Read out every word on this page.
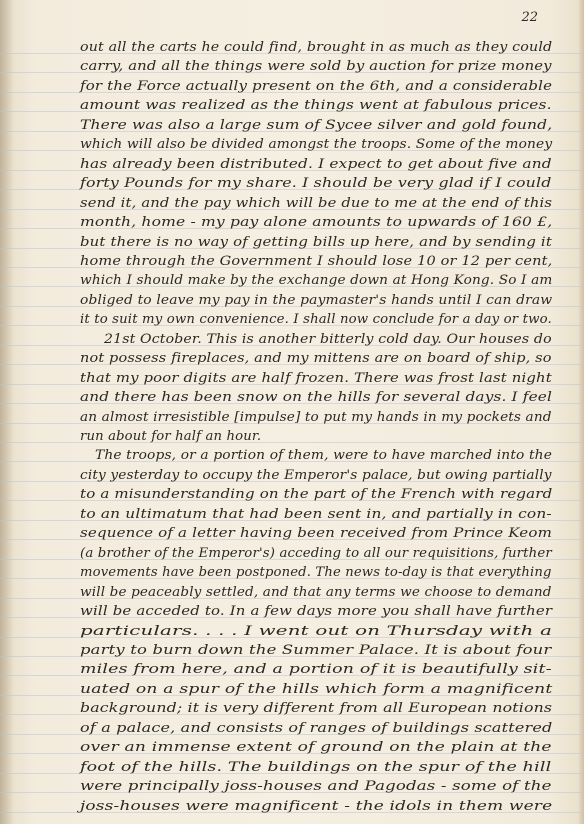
22
out all the carts he could find, brought in as much as they could
carry, and all the things were sold by auction for prize money
for the Force actually present on the 6th, and a considerable
amount was realized as the things went at fabulous prices.
There was also a large sum of Sycee silver and gold found,
which will also be divided amongst the troops. Some of the money
has already been distributed. I expect to get about five and
forty Pounds for my share. I should be very glad if I could
send it, and the pay which will be due to me at the end of this
month, home - my pay alone amounts to upwards of 160 £,
but there is no way of getting bills up here, and by sending it
home through the Government I should lose 10 or 12 per cent,
which I should make by the exchange down at Hong Kong. So I am
obliged to leave my pay in the paymaster's hands until I can draw
it to suit my own convenience. I shall now conclude for a day or two.
21st October. This is another bitterly cold day. Our houses do
not possess fireplaces, and my mittens are on board of ship, so
that my poor digits are half frozen. There was frost last night
and there has been snow on the hills for several days. I feel
an almost irresistible [impulse] to put my hands in my pockets and
run about for half an hour.
The troops, or a portion of them, were to have marched into the
city yesterday to occupy the Emperor's palace, but owing partially
to a misunderstanding on the part of the French with regard
to an ultimatum that had been sent in, and partially in con-
sequence of a letter having been received from Prince Keom
(a brother of the Emperor's) acceding to all our requisitions, further
movements have been postponed. The news to-day is that everything
will be peaceably settled, and that any terms we choose to demand
will be acceded to. In a few days more you shall have further
particulars. . . . I went out on Thursday with a
party to burn down the Summer Palace. It is about four
miles from here, and a portion of it is beautifully sit-
uated on a spur of the hills which form a magnificent
background; it is very different from all European notions
of a palace, and consists of ranges of buildings scattered
over an immense extent of ground on the plain at the
foot of the hills. The buildings on the spur of the hill
were principally joss-houses and Pagodas - some of the
joss-houses were magnificent - the idols in them were
